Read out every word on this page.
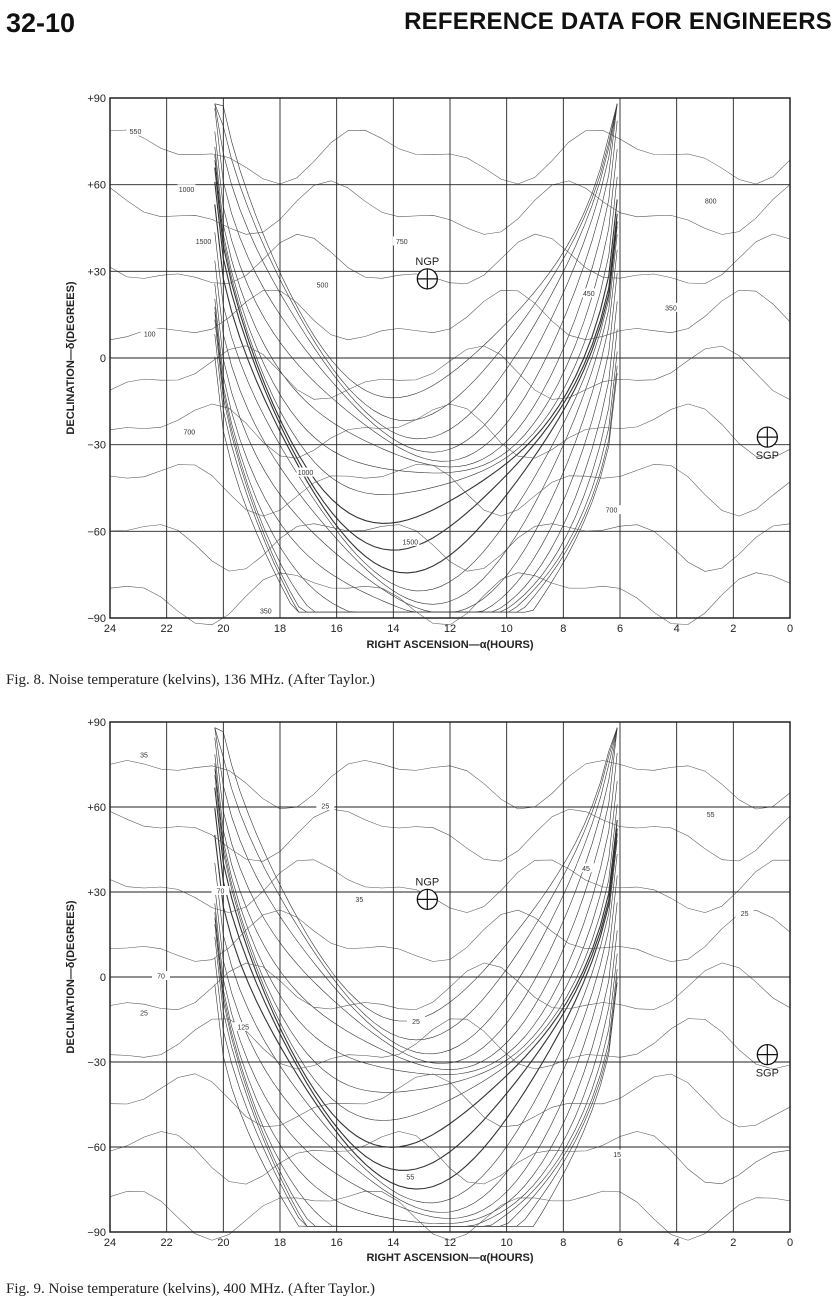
32-10	REFERENCE DATA FOR ENGINEERS
+90
+60
+30
0
−30
−60
−90
24	22	20	18	16	14	12	10	8	6	4	2	0
NGP
SGP
550
1000
1500
100
750
500
350
1000
700
1500
800
350
450
700
RIGHT ASCENSION—α(HOURS)
DECLINATION—δ(DEGREES)
Fig. 8. Noise temperature (kelvins), 136 MHz. (After Taylor.)
+90
+60
+30
0
−30
−60
−90
24	22	20	18	16	14	12	10	8	6	4	2	0
NGP
SGP
35
70
35
25
25
70
25
125
55
45
55
25
15
RIGHT ASCENSION—α(HOURS)
DECLINATION—δ(DEGREES)
Fig. 9. Noise temperature (kelvins), 400 MHz. (After Taylor.)
